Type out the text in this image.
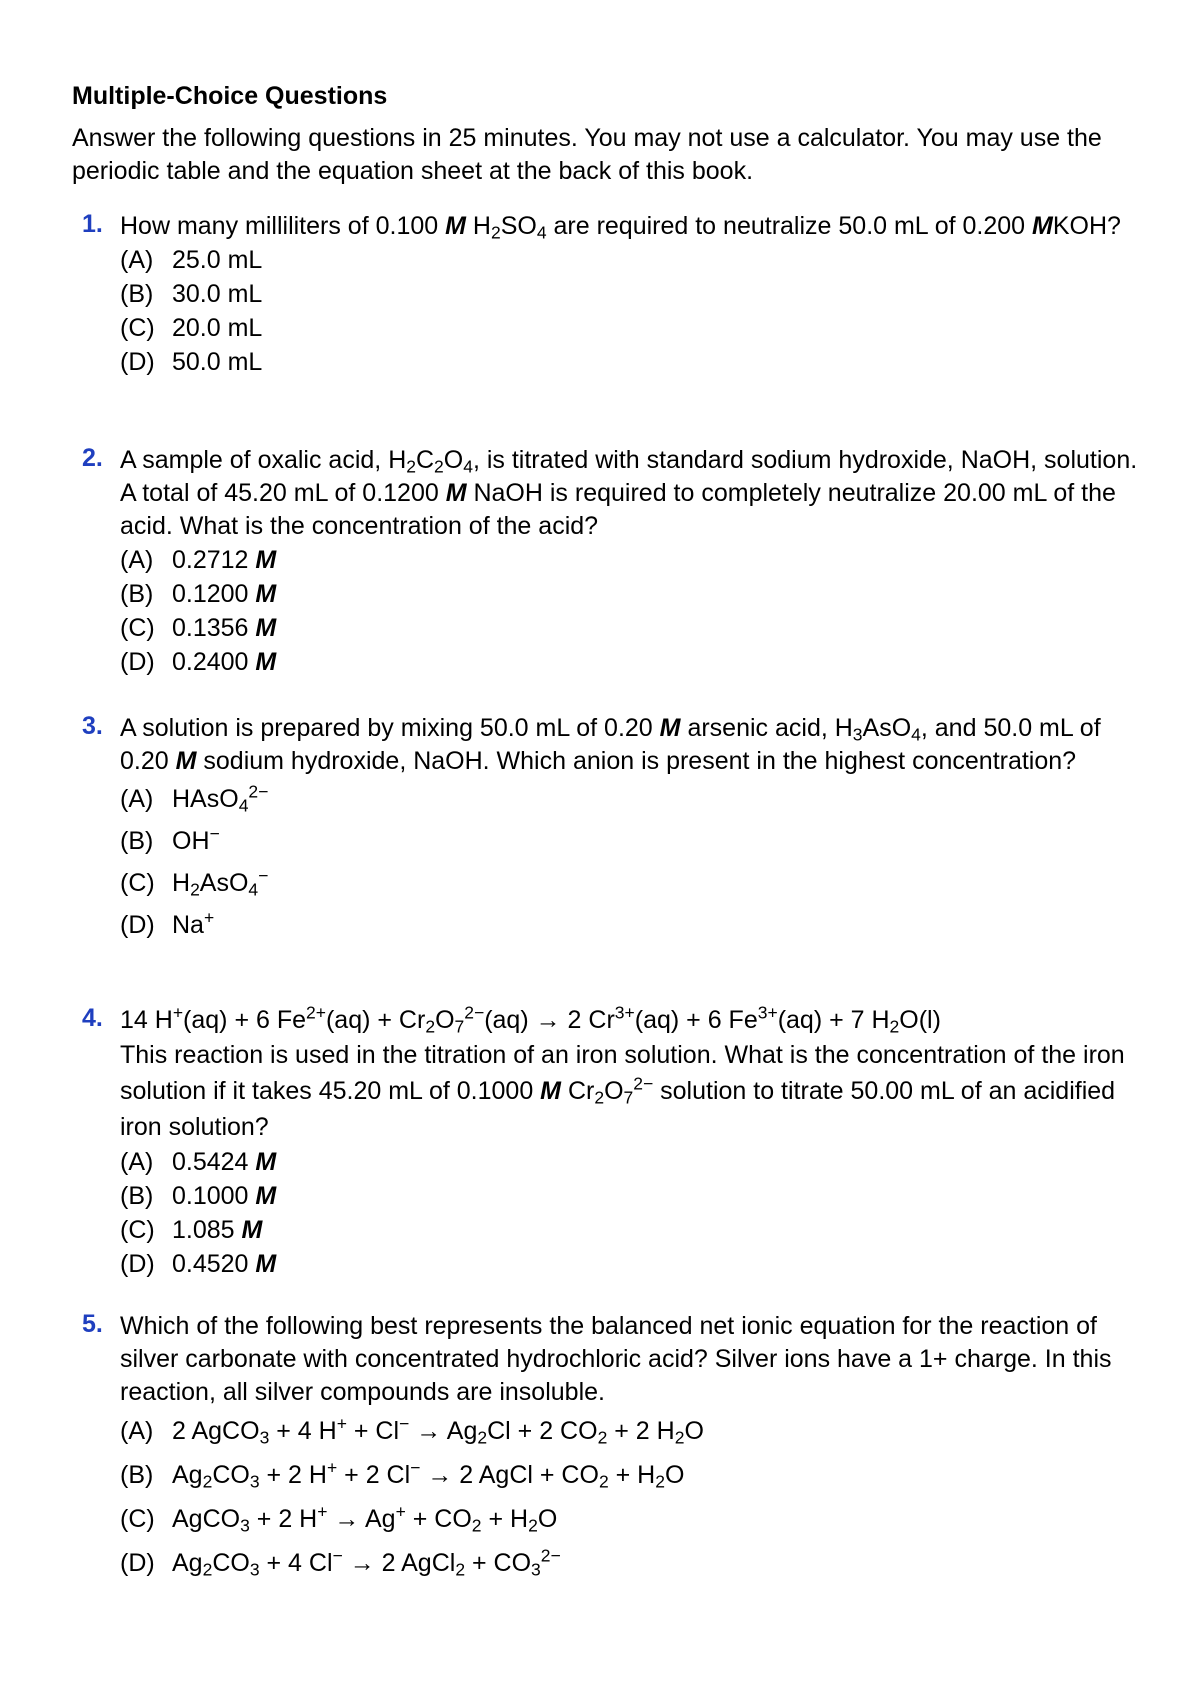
Multiple-Choice Questions
Answer the following questions in 25 minutes. You may not use a calculator. You may use the periodic table and the equation sheet at the back of this book.
1. How many milliliters of 0.100 M $H_2SO_4$ are required to neutralize 50.0 mL of 0.200 MKOH?
(A) 25.0 mL
(B) 30.0 mL
(C) 20.0 mL
(D) 50.0 mL
2. A sample of oxalic acid, $H_2C_2O_4$, is titrated with standard sodium hydroxide, NaOH, solution. A total of 45.20 mL of 0.1200 M NaOH is required to completely neutralize 20.00 mL of the acid. What is the concentration of the acid?
(A) 0.2712 M
(B) 0.1200 M
(C) 0.1356 M
(D) 0.2400 M
3. A solution is prepared by mixing 50.0 mL of 0.20 M arsenic acid, $H_3AsO_4$, and 50.0 mL of 0.20 M sodium hydroxide, NaOH. Which anion is present in the highest concentration?
(A) HAsO$_4^{2-}$
(B) OH−
(C) $H_2AsO_4^-$
(D) Na+
4. 14 H+(aq) + 6 $Fe^{2+}(aq) + Cr_2O_7^{2-}(aq) \to 2$ $Cr^{3+}(aq) + 6$ $Fe^{3+}(aq) + 7$ $H_2O(l)$
This reaction is used in the titration of an iron solution. What is the concentration of the iron solution if it takes 45.20 mL of 0.1000 M $Cr_2O_7^{2-}$ solution to titrate 50.00 mL of an acidified iron solution?
(A) 0.5424 M
(B) 0.1000 M
(C) 1.085 M
(D) 0.4520 M
5. Which of the following best represents the balanced net ionic equation for the reaction of silver carbonate with concentrated hydrochloric acid? Silver ions have a 1+ charge. In this reaction, all silver compounds are insoluble.
(A) 2 AgCO$_3$ + 4 $H^+ + Cl^- \to Ag_2Cl + 2$ $CO_2 + 2$ $H_2O$
(B) $Ag_2CO_3 + 2$ H+ + 2 Cl− → 2 AgCl + $CO_2 + H_2O$
(C) AgCO$_3$ + 2 $H^+ \to Ag^+ + CO_2 + H_2O$
(D) $Ag_2CO_3 + 4$ Cl− → 2 AgCl$_2$ + $CO_3^{2-}$
